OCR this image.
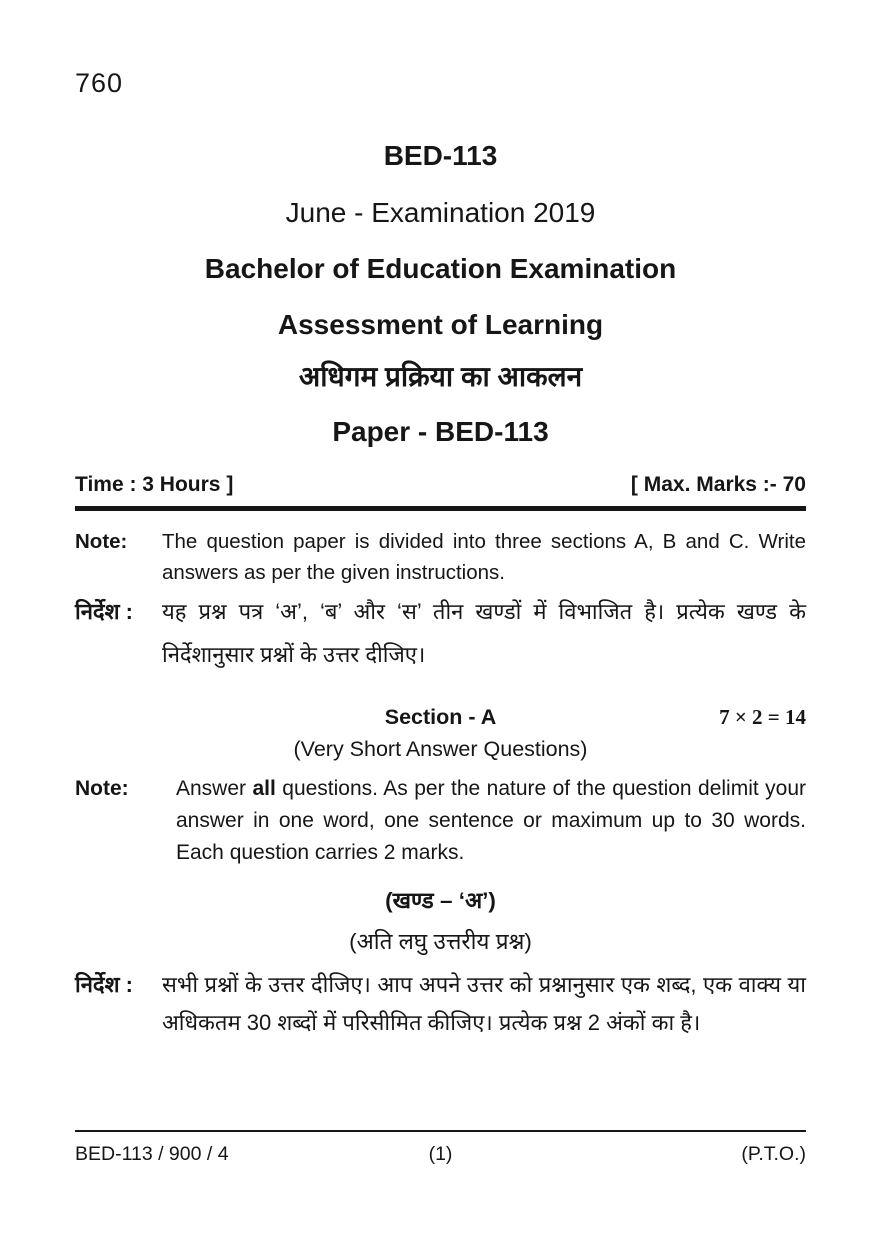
760
BED-113
June - Examination 2019
Bachelor of Education Examination
Assessment of Learning
अधिगम प्रक्रिया का आकलन
Paper - BED-113
Time : 3 Hours ]	[ Max. Marks :- 70
Note:	The question paper is divided into three sections A, B and C. Write answers as per the given instructions.
निर्देश :	यह प्रश्न पत्र ‘अ’, ‘ब’ और ‘स’ तीन खण्डों में विभाजित है। प्रत्येक खण्ड के निर्देशानुसार प्रश्नों के उत्तर दीजिए।
Section - A	7 × 2 = 14
(Very Short Answer Questions)
Note:	Answer all questions. As per the nature of the question delimit your answer in one word, one sentence or maximum up to 30 words. Each question carries 2 marks.
(खण्ड – ‘अ’)
(अति लघु उत्तरीय प्रश्न)
निर्देश :	सभी प्रश्नों के उत्तर दीजिए। आप अपने उत्तर को प्रश्नानुसार एक शब्द, एक वाक्य या अधिकतम 30 शब्दों में परिसीमित कीजिए। प्रत्येक प्रश्न 2 अंकों का है।
BED-113 / 900 / 4	(1)	(P.T.O.)
